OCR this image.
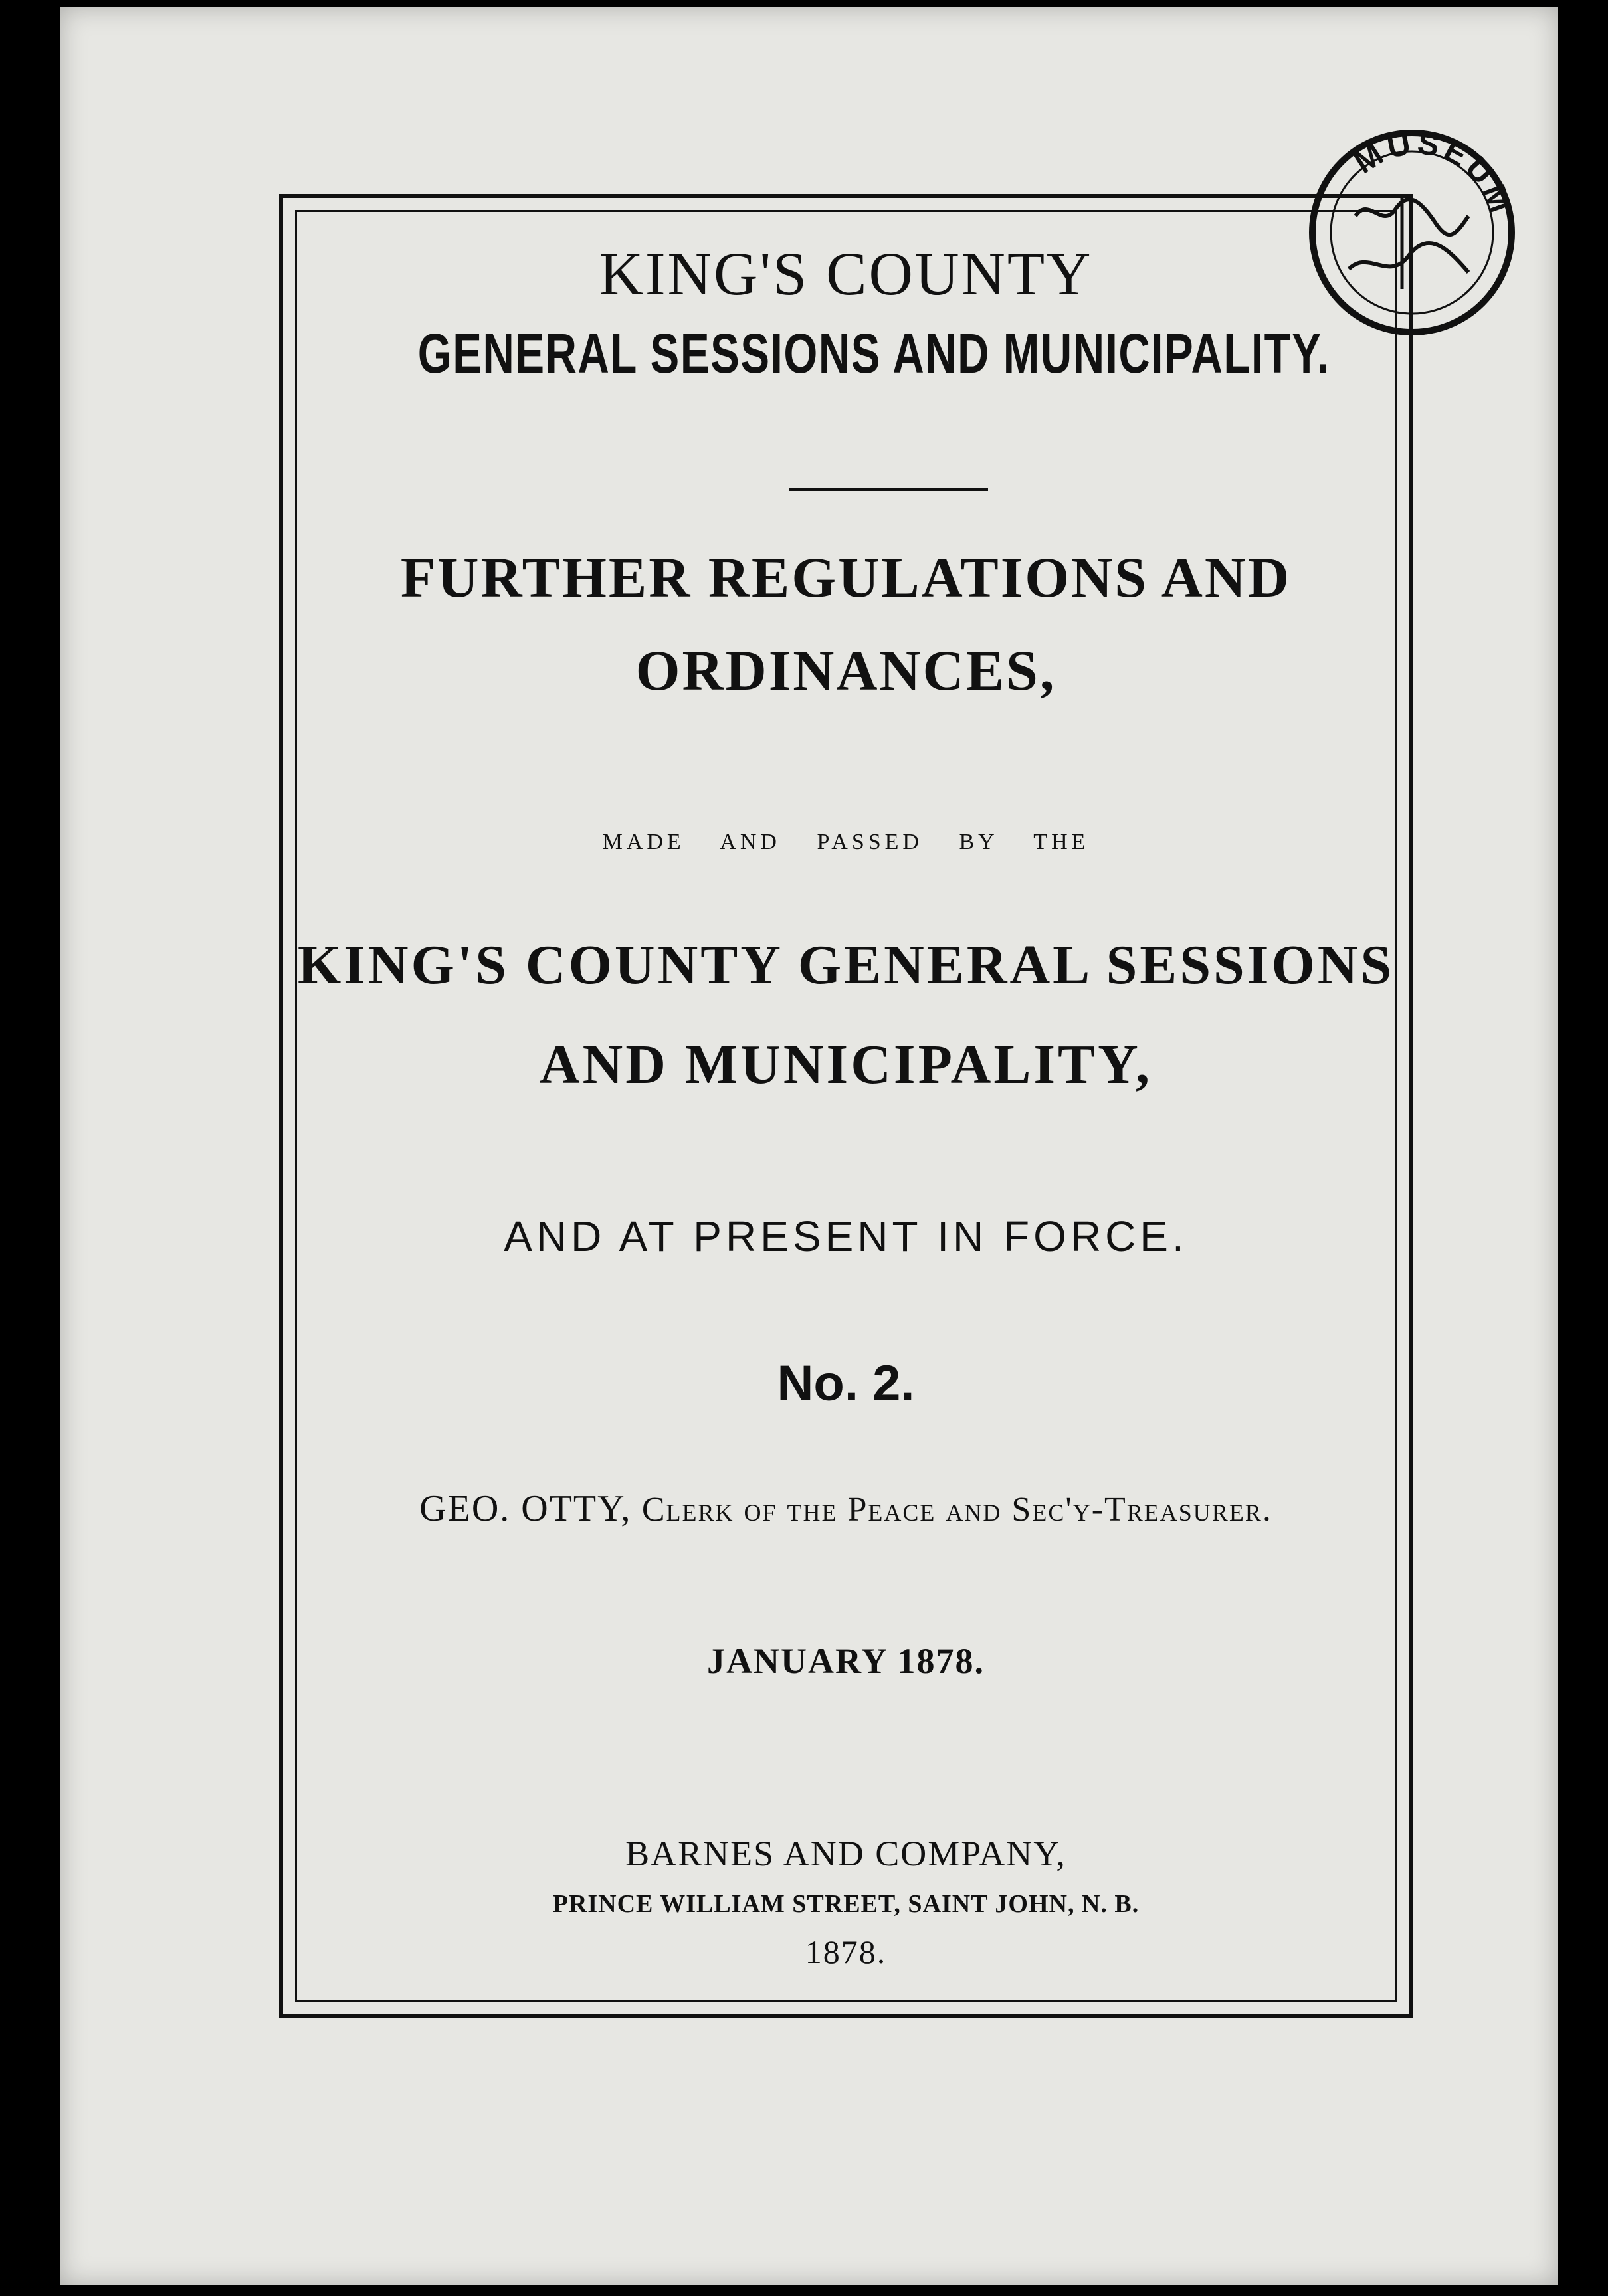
KING'S COUNTY
GENERAL SESSIONS AND MUNICIPALITY.
FURTHER REGULATIONS AND
ORDINANCES,
MADE AND PASSED BY THE
KING'S COUNTY GENERAL SESSIONS
AND MUNICIPALITY,
AND AT PRESENT IN FORCE.
No. 2.
GEO. OTTY, Clerk of the Peace and Sec'y-Treasurer.
JANUARY 1878.
BARNES AND COMPANY,
PRINCE WILLIAM STREET, SAINT JOHN, N. B.
1878.
MUSEUM
July 16 1934
